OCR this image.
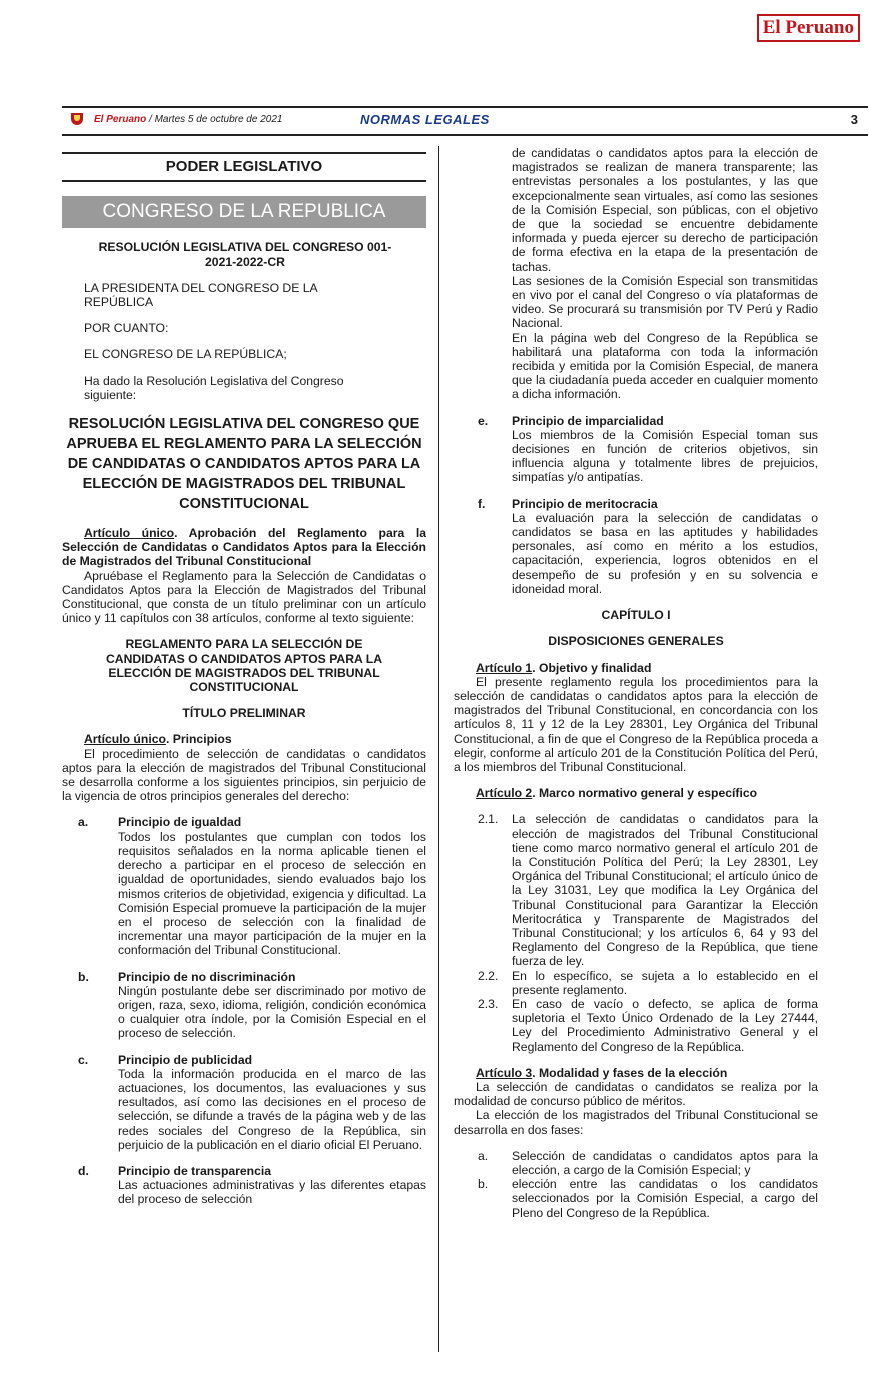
El Peruano
El Peruano / Martes 5 de octubre de 2021	NORMAS LEGALES	3
PODER LEGISLATIVO
CONGRESO DE LA REPUBLICA

RESOLUCIÓN LEGISLATIVA DEL CONGRESO 001-2021-2022-CR

LA PRESIDENTA DEL CONGRESO DE LA REPÚBLICA

POR CUANTO:

EL CONGRESO DE LA REPÚBLICA;

Ha dado la Resolución Legislativa del Congreso siguiente:

RESOLUCIÓN LEGISLATIVA DEL CONGRESO QUE APRUEBA EL REGLAMENTO PARA LA SELECCIÓN DE CANDIDATAS O CANDIDATOS APTOS PARA LA ELECCIÓN DE MAGISTRADOS DEL TRIBUNAL CONSTITUCIONAL

Artículo único. Aprobación del Reglamento para la Selección de Candidatas o Candidatos Aptos para la Elección de Magistrados del Tribunal Constitucional

Apruébase el Reglamento para la Selección de Candidatas o Candidatos Aptos para la Elección de Magistrados del Tribunal Constitucional, que consta de un título preliminar con un artículo único y 11 capítulos con 38 artículos, conforme al texto siguiente:

REGLAMENTO PARA LA SELECCIÓN DE CANDIDATAS O CANDIDATOS APTOS PARA LA ELECCIÓN DE MAGISTRADOS DEL TRIBUNAL CONSTITUCIONAL

TÍTULO PRELIMINAR

Artículo único. Principios

El procedimiento de selección de candidatas o candidatos aptos para la elección de magistrados del Tribunal Constitucional se desarrolla conforme a los siguientes principios, sin perjuicio de la vigencia de otros principios generales del derecho:

a.	Principio de igualdad

Todos los postulantes que cumplan con todos los requisitos señalados en la norma aplicable tienen el derecho a participar en el proceso de selección en igualdad de oportunidades, siendo evaluados bajo los mismos criterios de objetividad, exigencia y dificultad. La Comisión Especial promueve la participación de la mujer en el proceso de selección con la finalidad de incrementar una mayor participación de la mujer en la conformación del Tribunal Constitucional.

b.	Principio de no discriminación

Ningún postulante debe ser discriminado por motivo de origen, raza, sexo, idioma, religión, condición económica o cualquier otra índole, por la Comisión Especial en el proceso de selección.

c.	Principio de publicidad

Toda la información producida en el marco de las actuaciones, los documentos, las evaluaciones y sus resultados, así como las decisiones en el proceso de selección, se difunde a través de la página web y de las redes sociales del Congreso de la República, sin perjuicio de la publicación en el diario oficial El Peruano.

d.	Principio de transparencia

Las actuaciones administrativas y las diferentes etapas del proceso de selección

de candidatas o candidatos aptos para la elección de magistrados se realizan de manera transparente; las entrevistas personales a los postulantes, y las que excepcionalmente sean virtuales, así como las sesiones de la Comisión Especial, son públicas, con el objetivo de que la sociedad se encuentre debidamente informada y pueda ejercer su derecho de participación de forma efectiva en la etapa de la presentación de tachas.

Las sesiones de la Comisión Especial son transmitidas en vivo por el canal del Congreso o vía plataformas de video. Se procurará su transmisión por TV Perú y Radio Nacional.

En la página web del Congreso de la República se habilitará una plataforma con toda la información recibida y emitida por la Comisión Especial, de manera que la ciudadanía pueda acceder en cualquier momento a dicha información.

e.	Principio de imparcialidad

Los miembros de la Comisión Especial toman sus decisiones en función de criterios objetivos, sin influencia alguna y totalmente libres de prejuicios, simpatías y/o antipatías.

f.	Principio de meritocracia

La evaluación para la selección de candidatas o candidatos se basa en las aptitudes y habilidades personales, así como en mérito a los estudios, capacitación, experiencia, logros obtenidos en el desempeño de su profesión y en su solvencia e idoneidad moral.

CAPÍTULO I

DISPOSICIONES GENERALES

Artículo 1. Objetivo y finalidad

El presente reglamento regula los procedimientos para la selección de candidatas o candidatos aptos para la elección de magistrados del Tribunal Constitucional, en concordancia con los artículos 8, 11 y 12 de la Ley 28301, Ley Orgánica del Tribunal Constitucional, a fin de que el Congreso de la República proceda a elegir, conforme al artículo 201 de la Constitución Política del Perú, a los miembros del Tribunal Constitucional.

Artículo 2. Marco normativo general y específico

2.1.	La selección de candidatas o candidatos para la elección de magistrados del Tribunal Constitucional tiene como marco normativo general el artículo 201 de la Constitución Política del Perú; la Ley 28301, Ley Orgánica del Tribunal Constitucional; el artículo único de la Ley 31031, Ley que modifica la Ley Orgánica del Tribunal Constitucional para Garantizar la Elección Meritocrática y Transparente de Magistrados del Tribunal Constitucional; y los artículos 6, 64 y 93 del Reglamento del Congreso de la República, que tiene fuerza de ley.

2.2.	En lo específico, se sujeta a lo establecido en el presente reglamento.

2.3.	En caso de vacío o defecto, se aplica de forma supletoria el Texto Único Ordenado de la Ley 27444, Ley del Procedimiento Administrativo General y el Reglamento del Congreso de la República.

Artículo 3. Modalidad y fases de la elección

La selección de candidatas o candidatos se realiza por la modalidad de concurso público de méritos.

La elección de los magistrados del Tribunal Constitucional se desarrolla en dos fases:

a.	Selección de candidatas o candidatos aptos para la elección, a cargo de la Comisión Especial; y

b.	elección entre las candidatas o los candidatos seleccionados por la Comisión Especial, a cargo del Pleno del Congreso de la República.
